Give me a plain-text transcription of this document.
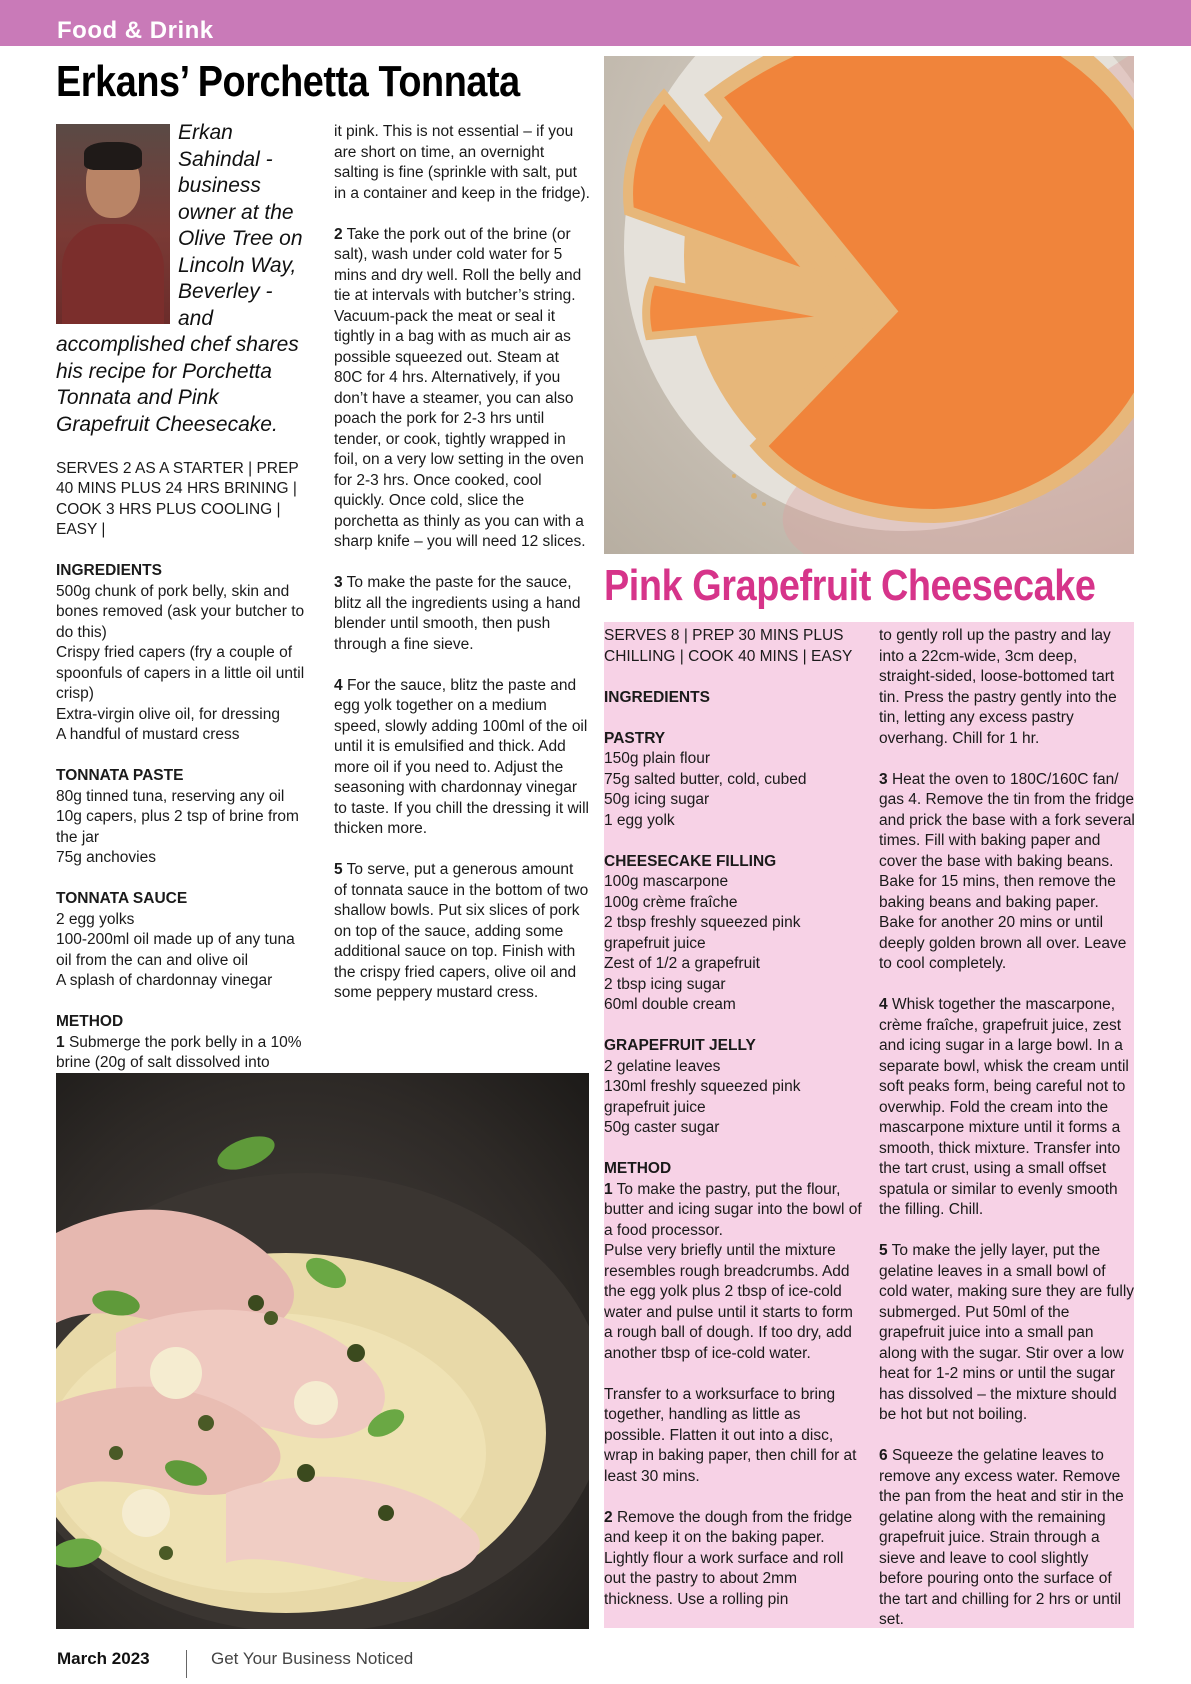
Food & Drink
Erkans’ Porchetta Tonnata
Erkan Sahindal - business owner at the Olive Tree on Lincoln Way, Beverley - and accomplished chef shares his recipe for Porchetta Tonnata and Pink Grapefruit Cheesecake.

SERVES 2 AS A STARTER | PREP 40 MINS PLUS 24 HRS BRINING | COOK 3 HRS PLUS COOLING | EASY |

INGREDIENTS
500g chunk of pork belly, skin and bones removed (ask your butcher to do this)
Crispy fried capers (fry a couple of spoonfuls of capers in a little oil until crisp)
Extra-virgin olive oil, for dressing
A handful of mustard cress
TONNATA PASTE
80g tinned tuna, reserving any oil
10g capers, plus 2 tsp of brine from the jar
75g anchovies
TONNATA SAUCE
2 egg yolks
100-200ml oil made up of any tuna oil from the can and olive oil
A splash of chardonnay vinegar
METHOD
1 Submerge the pork belly in a 10% brine (20g of salt dissolved into

it pink. This is not essential – if you are short on time, an overnight salting is fine (sprinkle with salt, put in a container and keep in the fridge).

2 Take the pork out of the brine (or salt), wash under cold water for 5 mins and dry well. Roll the belly and tie at intervals with butcher’s string. Vacuum-pack the meat or seal it tightly in a bag with as much air as possible squeezed out. Steam at 80C for 4 hrs. Alternatively, if you don’t have a steamer, you can also poach the pork for 2-3 hrs until tender, or cook, tightly wrapped in foil, on a very low setting in the oven for 2-3 hrs. Once cooked, cool quickly. Once cold, slice the porchetta as thinly as you can with a sharp knife – you will need 12 slices.

3 To make the paste for the sauce, blitz all the ingredients using a hand blender until smooth, then push through a fine sieve.

4 For the sauce, blitz the paste and egg yolk together on a medium speed, slowly adding 100ml of the oil until it is emulsified and thick. Add more oil if you need to. Adjust the seasoning with chardonnay vinegar to taste. If you chill the dressing it will thicken more.

5 To serve, put a generous amount of tonnata sauce in the bottom of two shallow bowls. Put six slices of pork on top of the sauce, adding some additional sauce on top. Finish with the crispy fried capers, olive oil and some peppery mustard cress.

Pink Grapefruit Cheesecake

SERVES 8 | PREP 30 MINS PLUS CHILLING | COOK 40 MINS | EASY

INGREDIENTS

PASTRY
150g plain flour
75g salted butter, cold, cubed
50g icing sugar
1 egg yolk
CHEESECAKE FILLING
100g mascarpone
100g crème fraîche
2 tbsp freshly squeezed pink grapefruit juice
Zest of 1/2 a grapefruit
2 tbsp icing sugar
60ml double cream
GRAPEFRUIT JELLY
2 gelatine leaves
130ml freshly squeezed pink grapefruit juice
50g caster sugar
METHOD
1 To make the pastry, put the flour, butter and icing sugar into the bowl of a food processor.

Pulse very briefly until the mixture resembles rough breadcrumbs. Add the egg yolk plus 2 tbsp of ice-cold water and pulse until it starts to form a rough ball of dough. If too dry, add another tbsp of ice-cold water.

Transfer to a worksurface to bring together, handling as little as possible. Flatten it out into a disc, wrap in baking paper, then chill for at least 30 mins.

2 Remove the dough from the fridge and keep it on the baking paper. Lightly flour a work surface and roll out the pastry to about 2mm thickness. Use a rolling pin

to gently roll up the pastry and lay into a 22cm-wide, 3cm deep, straight-sided, loose-bottomed tart tin. Press the pastry gently into the tin, letting any excess pastry overhang. Chill for 1 hr.

3 Heat the oven to 180C/160C fan/ gas 4. Remove the tin from the fridge and prick the base with a fork several times. Fill with baking paper and cover the base with baking beans. Bake for 15 mins, then remove the baking beans and baking paper. Bake for another 20 mins or until deeply golden brown all over. Leave to cool completely.

4 Whisk together the mascarpone, crème fraîche, grapefruit juice, zest and icing sugar in a large bowl. In a separate bowl, whisk the cream until soft peaks form, being careful not to overwhip. Fold the cream into the mascarpone mixture until it forms a smooth, thick mixture. Transfer into the tart crust, using a small offset spatula or similar to evenly smooth the filling. Chill.

5 To make the jelly layer, put the gelatine leaves in a small bowl of cold water, making sure they are fully submerged. Put 50ml of the grapefruit juice into a small pan along with the sugar. Stir over a low heat for 1-2 mins or until the sugar has dissolved – the mixture should be hot but not boiling.

6 Squeeze the gelatine leaves to remove any excess water. Remove the pan from the heat and stir in the gelatine along with the remaining grapefruit juice. Strain through a sieve and leave to cool slightly before pouring onto the surface of the tart and chilling for 2 hrs or until set.

March 2023	Get Your Business Noticed
